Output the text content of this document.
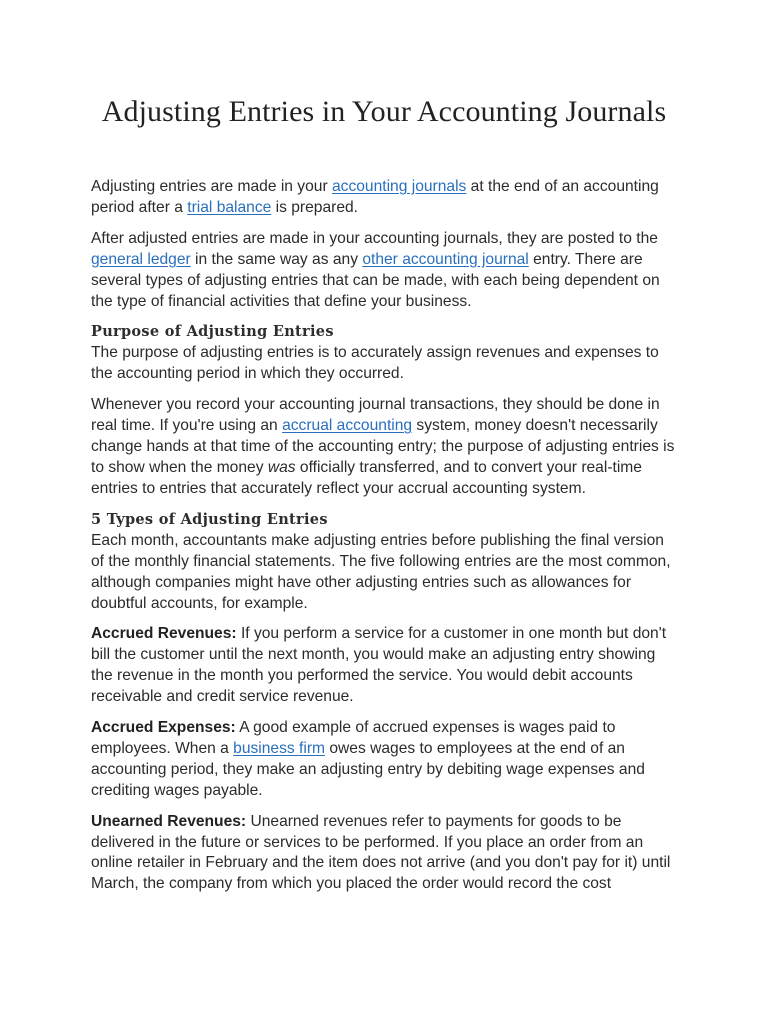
Adjusting Entries in Your Accounting Journals

Adjusting entries are made in your accounting journals at the end of an accounting period after a trial balance is prepared.

After adjusted entries are made in your accounting journals, they are posted to the general ledger in the same way as any other accounting journal entry. There are several types of adjusting entries that can be made, with each being dependent on the type of financial activities that define your business.

Purpose of Adjusting Entries

The purpose of adjusting entries is to accurately assign revenues and expenses to the accounting period in which they occurred.

Whenever you record your accounting journal transactions, they should be done in real time. If you're using an accrual accounting system, money doesn't necessarily change hands at that time of the accounting entry; the purpose of adjusting entries is to show when the money was officially transferred, and to convert your real-time entries to entries that accurately reflect your accrual accounting system.

5 Types of Adjusting Entries

Each month, accountants make adjusting entries before publishing the final version of the monthly financial statements. The five following entries are the most common, although companies might have other adjusting entries such as allowances for doubtful accounts, for example.

Accrued Revenues: If you perform a service for a customer in one month but don't bill the customer until the next month, you would make an adjusting entry showing the revenue in the month you performed the service. You would debit accounts receivable and credit service revenue.

Accrued Expenses: A good example of accrued expenses is wages paid to employees. When a business firm owes wages to employees at the end of an accounting period, they make an adjusting entry by debiting wage expenses and crediting wages payable.

Unearned Revenues: Unearned revenues refer to payments for goods to be delivered in the future or services to be performed. If you place an order from an online retailer in February and the item does not arrive (and you don't pay for it) until March, the company from which you placed the order would record the cost
